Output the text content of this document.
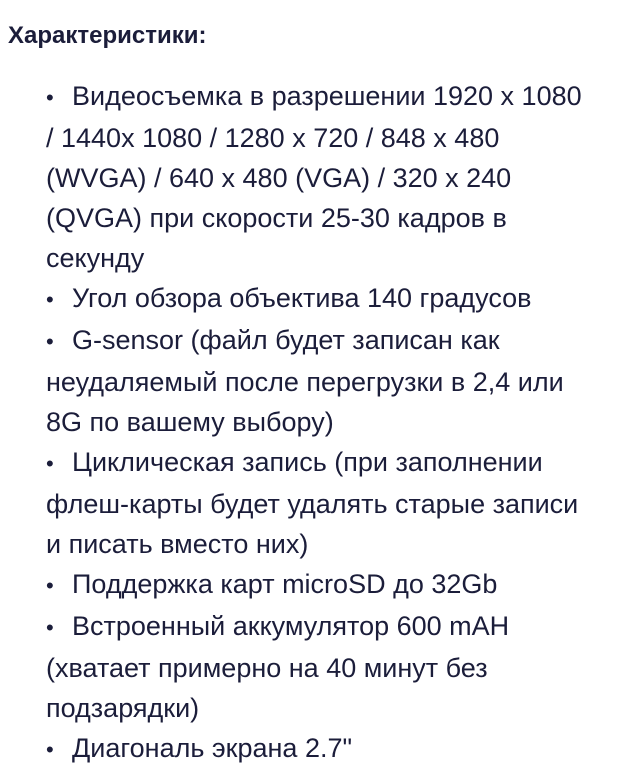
Характеристики:
• Видеосъемка в разрешении 1920 х 1080 / 1440х 1080 / 1280 х 720 / 848 х 480 (WVGA) / 640 х 480 (VGA) / 320 х 240 (QVGA) при скорости 25-30 кадров в секунду
• Угол обзора объектива 140 градусов
• G-sensor (файл будет записан как неудаляемый после перегрузки в 2,4 или 8G по вашему выбору)
• Циклическая запись (при заполнении флеш-карты будет удалять старые записи и писать вместо них)
• Поддержка карт microSD до 32Gb
• Встроенный аккумулятор 600 mAH (хватает примерно на 40 минут без подзарядки)
• Диагональ экрана 2.7"
